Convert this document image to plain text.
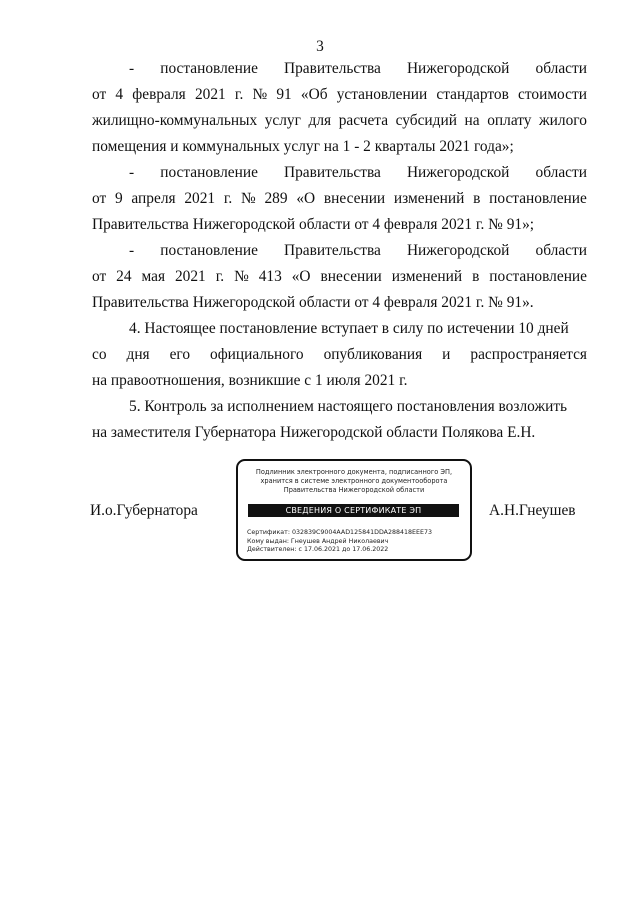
3
- постановление Правительства Нижегородской области
от 4 февраля 2021 г. № 91 «Об установлении стандартов стоимости
жилищно-коммунальных услуг для расчета субсидий на оплату жилого
помещения и коммунальных услуг на 1 - 2 кварталы 2021 года»;
- постановление Правительства Нижегородской области
от 9 апреля 2021 г. № 289 «О внесении изменений в постановление
Правительства Нижегородской области от 4 февраля 2021 г. № 91»;
- постановление Правительства Нижегородской области
от 24 мая 2021 г. № 413 «О внесении изменений в постановление
Правительства Нижегородской области от 4 февраля 2021 г. № 91».
4. Настоящее постановление вступает в силу по истечении 10 дней
со дня его официального опубликования и распространяется
на правоотношения, возникшие с 1 июля 2021 г.
5. Контроль за исполнением настоящего постановления возложить
на заместителя Губернатора Нижегородской области Полякова Е.Н.
И.о.Губернатора
Подлинник электронного документа, подписанного ЭП,
хранится в системе электронного документооборота
Правительства Нижегородской области
СВЕДЕНИЯ О СЕРТИФИКАТЕ ЭП
Сертификат: 032839C9004AAD125841DDA288418EEE73
Кому выдан: Гнеушев Андрей Николаевич
Действителен: с 17.06.2021 до 17.06.2022
А.Н.Гнеушев
